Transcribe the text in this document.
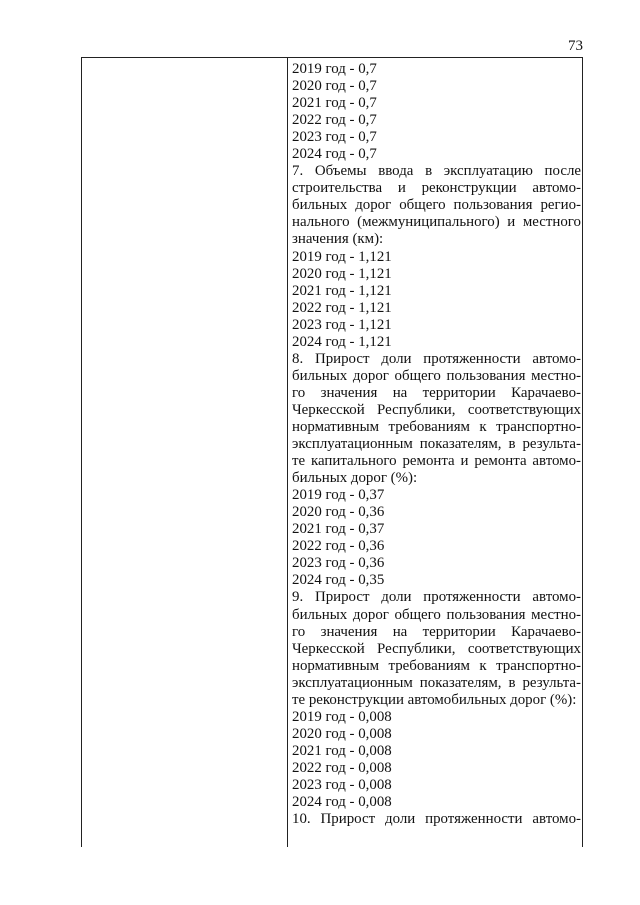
73
2019 год - 0,7
2020 год - 0,7
2021 год - 0,7
2022 год - 0,7
2023 год - 0,7
2024 год - 0,7
7. Объемы ввода в эксплуатацию после
строительства и реконструкции автомо-
бильных дорог общего пользования регио-
нального (межмуниципального) и местного
значения (км):
2019 год - 1,121
2020 год - 1,121
2021 год - 1,121
2022 год - 1,121
2023 год - 1,121
2024 год - 1,121
8. Прирост доли протяженности автомо-
бильных дорог общего пользования местно-
го значения на территории Карачаево-
Черкесской Республики, соответствующих
нормативным требованиям к транспортно-
эксплуатационным показателям, в результа-
те капитального ремонта и ремонта автомо-
бильных дорог (%):
2019 год - 0,37
2020 год - 0,36
2021 год - 0,37
2022 год - 0,36
2023 год - 0,36
2024 год - 0,35
9. Прирост доли протяженности автомо-
бильных дорог общего пользования местно-
го значения на территории Карачаево-
Черкесской Республики, соответствующих
нормативным требованиям к транспортно-
эксплуатационным показателям, в результа-
те реконструкции автомобильных дорог (%):
2019 год - 0,008
2020 год - 0,008
2021 год - 0,008
2022 год - 0,008
2023 год - 0,008
2024 год - 0,008
10. Прирост доли протяженности автомо-
